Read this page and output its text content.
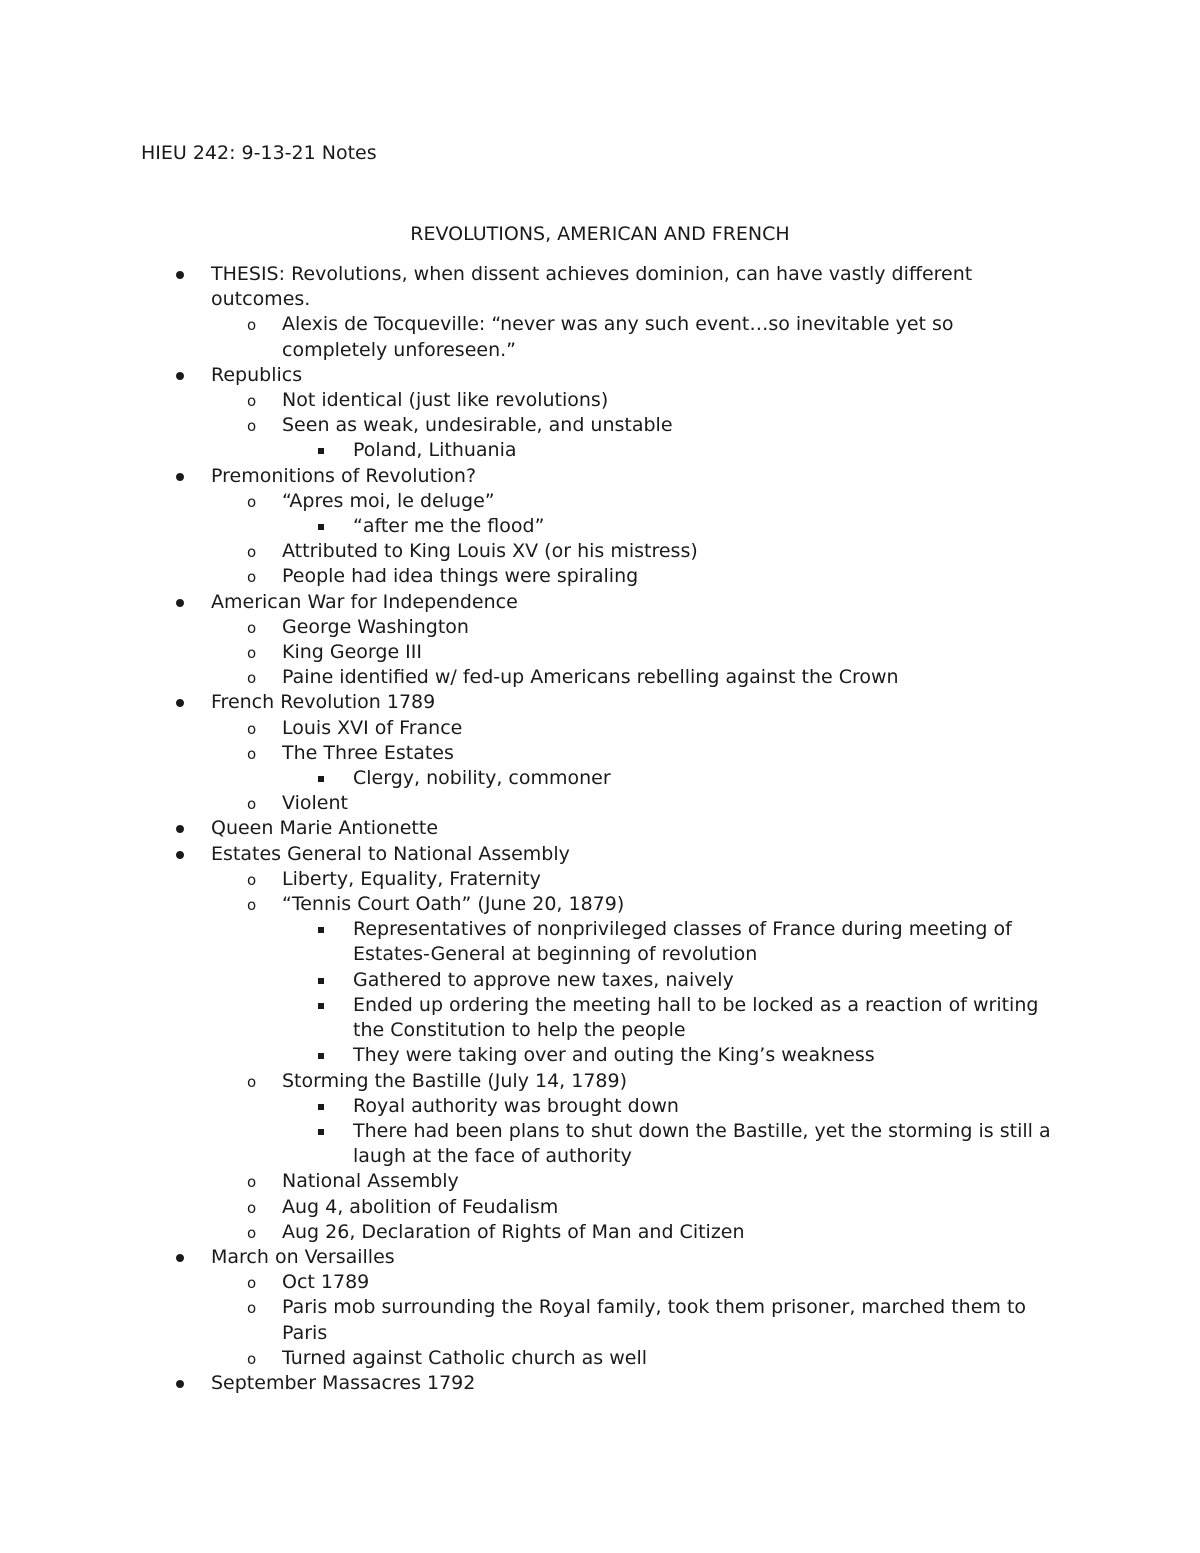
HIEU 242: 9-13-21 Notes
REVOLUTIONS, AMERICAN AND FRENCH
THESIS: Revolutions, when dissent achieves dominion, can have vastly different outcomes.
o Alexis de Tocqueville: “never was any such event…so inevitable yet so completely unforeseen.”
Republics
o Not identical (just like revolutions)
o Seen as weak, undesirable, and unstable
Poland, Lithuania
Premonitions of Revolution?
o “Apres moi, le deluge”
“after me the flood”
o Attributed to King Louis XV (or his mistress)
o People had idea things were spiraling
American War for Independence
o George Washington
o King George III
o Paine identified w/ fed-up Americans rebelling against the Crown
French Revolution 1789
o Louis XVI of France
o The Three Estates
Clergy, nobility, commoner
o Violent
Queen Marie Antionette
Estates General to National Assembly
o Liberty, Equality, Fraternity
o “Tennis Court Oath” (June 20, 1879)
Representatives of nonprivileged classes of France during meeting of Estates-General at beginning of revolution
Gathered to approve new taxes, naively
Ended up ordering the meeting hall to be locked as a reaction of writing the Constitution to help the people
They were taking over and outing the King’s weakness
o Storming the Bastille (July 14, 1789)
Royal authority was brought down
There had been plans to shut down the Bastille, yet the storming is still a laugh at the face of authority
o National Assembly
o Aug 4, abolition of Feudalism
o Aug 26, Declaration of Rights of Man and Citizen
March on Versailles
o Oct 1789
o Paris mob surrounding the Royal family, took them prisoner, marched them to Paris
o Turned against Catholic church as well
September Massacres 1792
